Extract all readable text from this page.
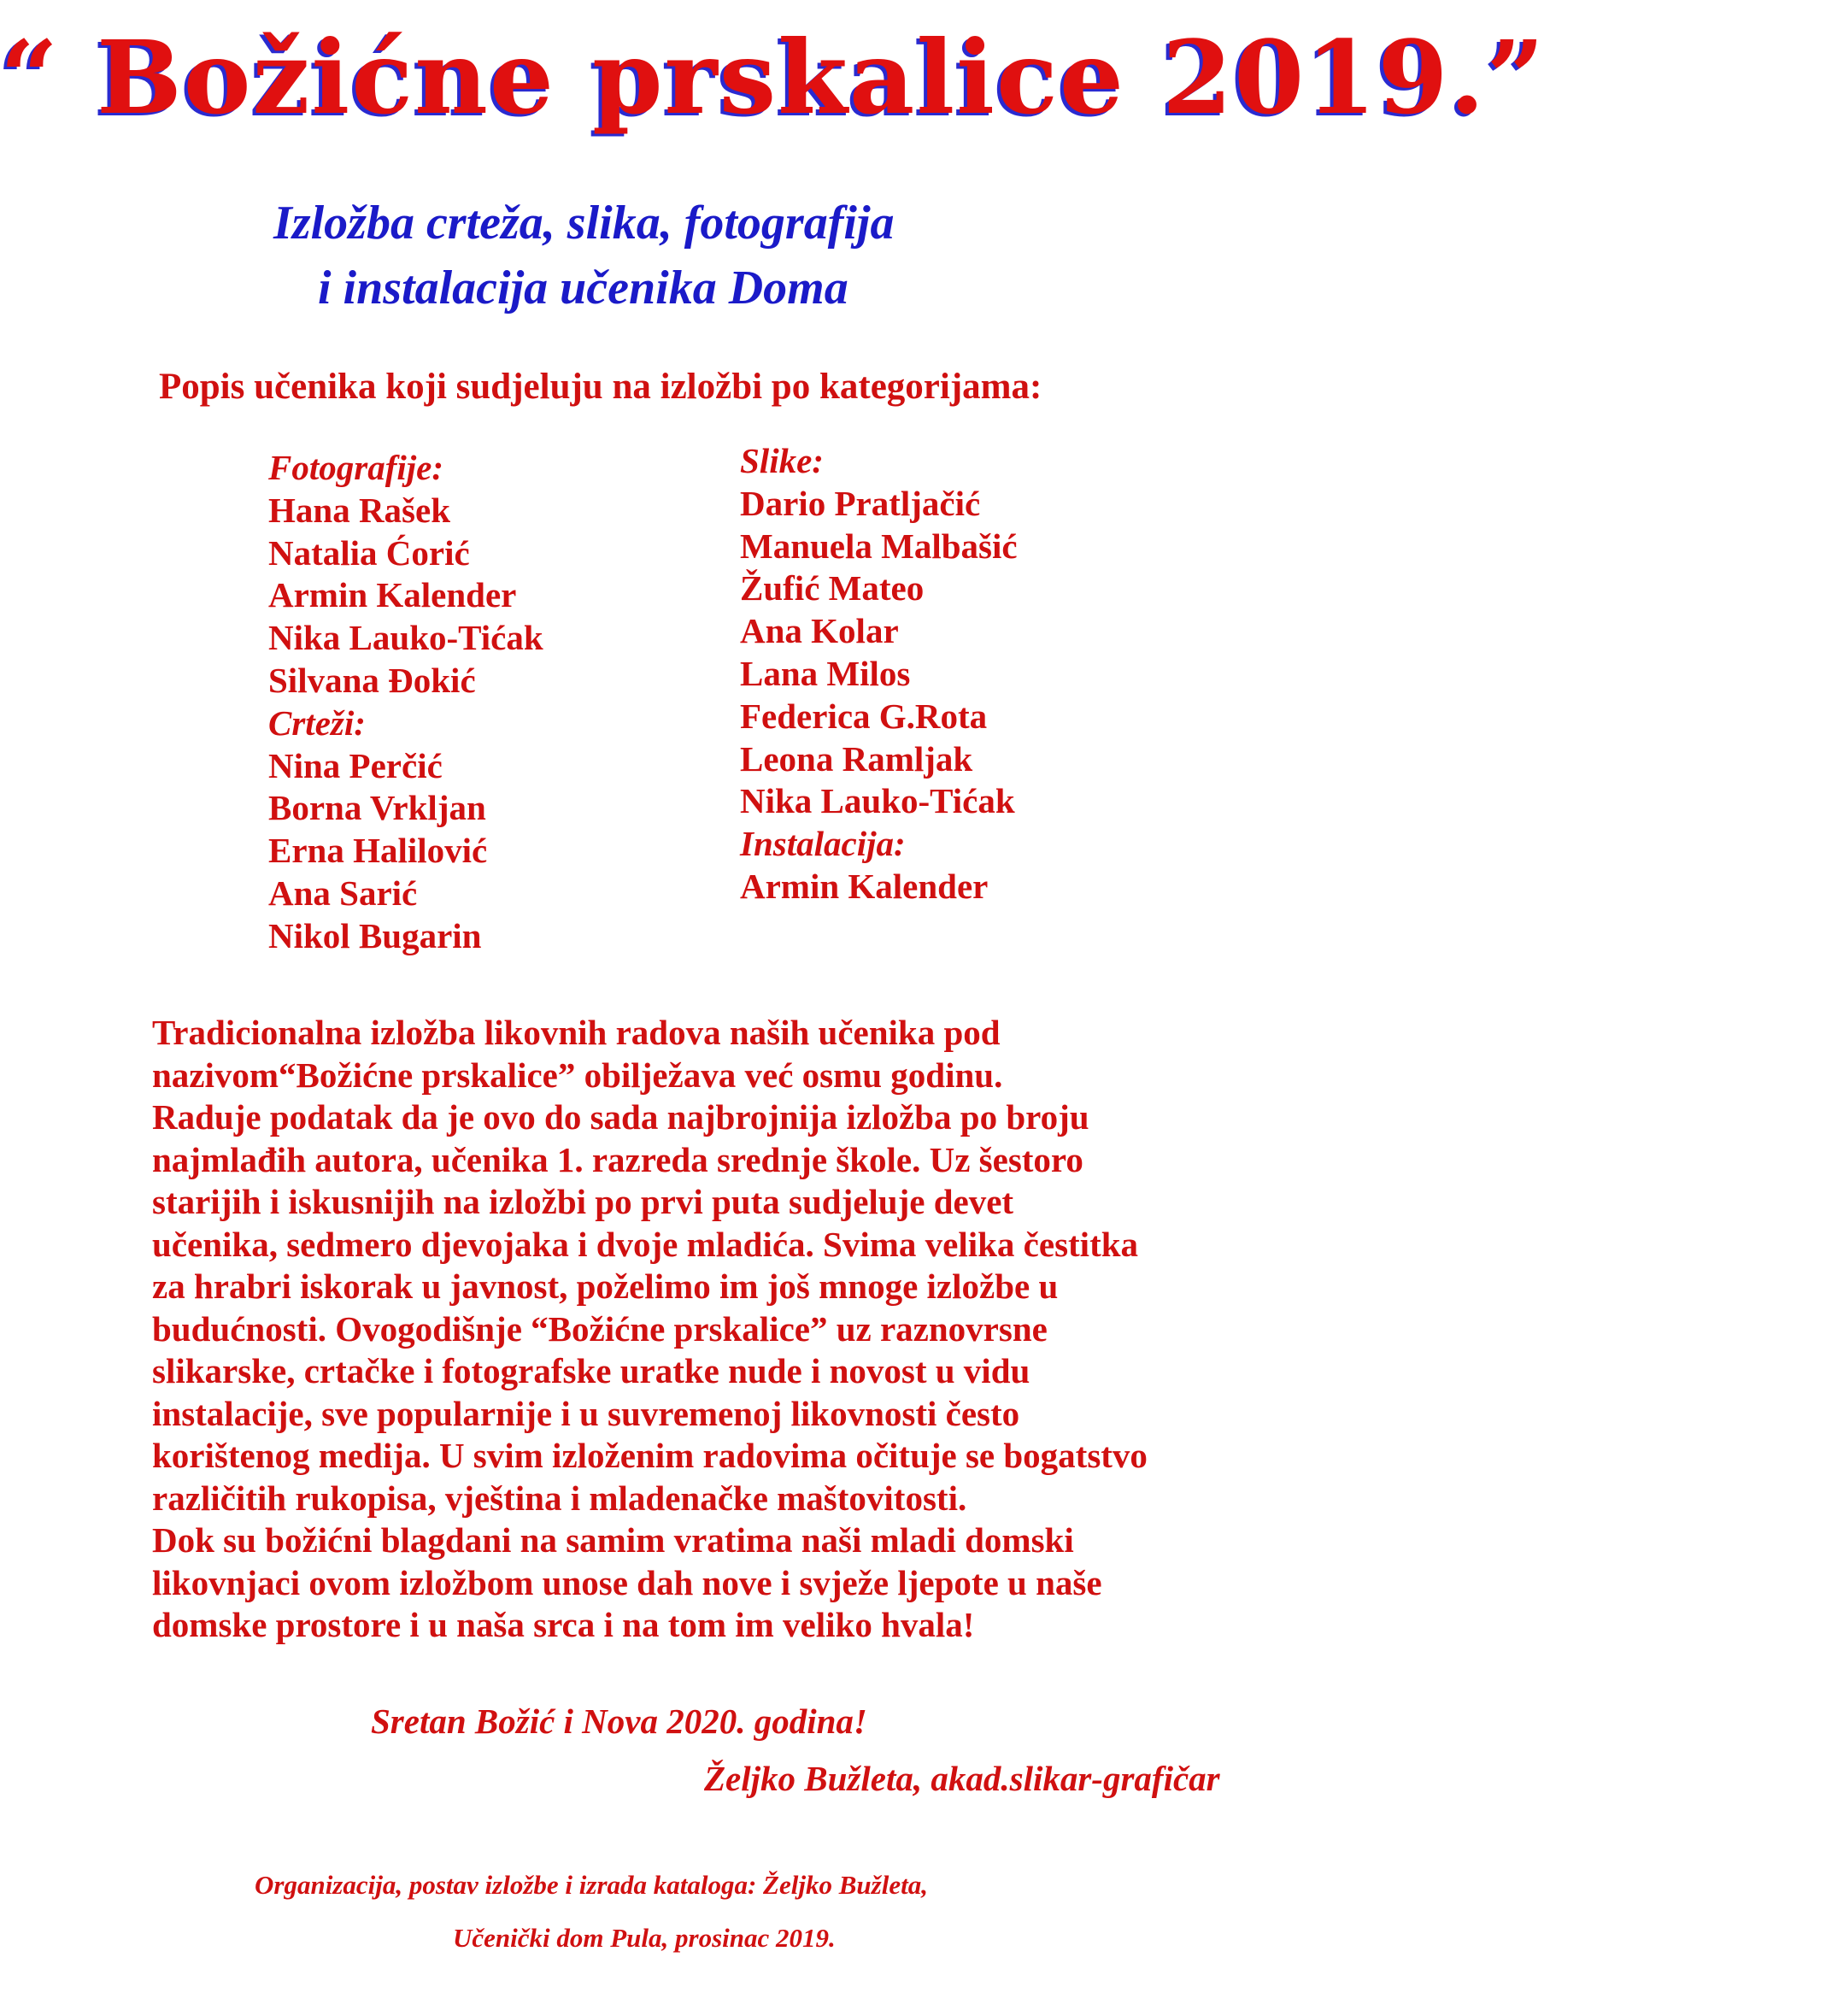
“ Božićne prskalice 2019.”
Izložba crteža, slika, fotografija
i instalacija učenika Doma
Popis učenika koji sudjeluju na izložbi po kategorijama:
Fotografije:
Hana Rašek
Natalia Ćorić
Armin Kalender
Nika Lauko-Tićak
Silvana Đokić
Crteži:
Nina Perčić
Borna Vrkljan
Erna Halilović
Ana Sarić
Nikol Bugarin
Slike:
Dario Pratljačić
Manuela Malbašić
Žufić Mateo
Ana Kolar
Lana Milos
Federica G.Rota
Leona Ramljak
Nika Lauko-Tićak
Instalacija:
Armin Kalender
Tradicionalna izložba likovnih radova naših učenika pod
nazivom“Božićne prskalice” obilježava već osmu godinu.
Raduje podatak da je ovo do sada najbrojnija izložba po broju
najmlađih autora, učenika 1. razreda srednje škole. Uz šestoro
starijih i iskusnijih na izložbi po prvi puta sudjeluje devet
učenika, sedmero djevojaka i dvoje mladića. Svima velika čestitka
za hrabri iskorak u javnost, poželimo im još mnoge izložbe u
budućnosti. Ovogodišnje “Božićne prskalice” uz raznovrsne
slikarske, crtačke i fotografske uratke nude i novost u vidu
instalacije, sve popularnije i u suvremenoj likovnosti često
korištenog medija. U svim izloženim radovima očituje se bogatstvo
različitih rukopisa, vještina i mladenačke maštovitosti.
Dok su božićni blagdani na samim vratima naši mladi domski
likovnjaci ovom izložbom unose dah nove i svježe ljepote u naše
domske prostore i u naša srca i na tom im veliko hvala!
Sretan Božić i Nova 2020. godina!
Željko Bužleta, akad.slikar-grafičar
Organizacija, postav izložbe i izrada kataloga: Željko Bužleta,
Učenički dom Pula, prosinac 2019.
